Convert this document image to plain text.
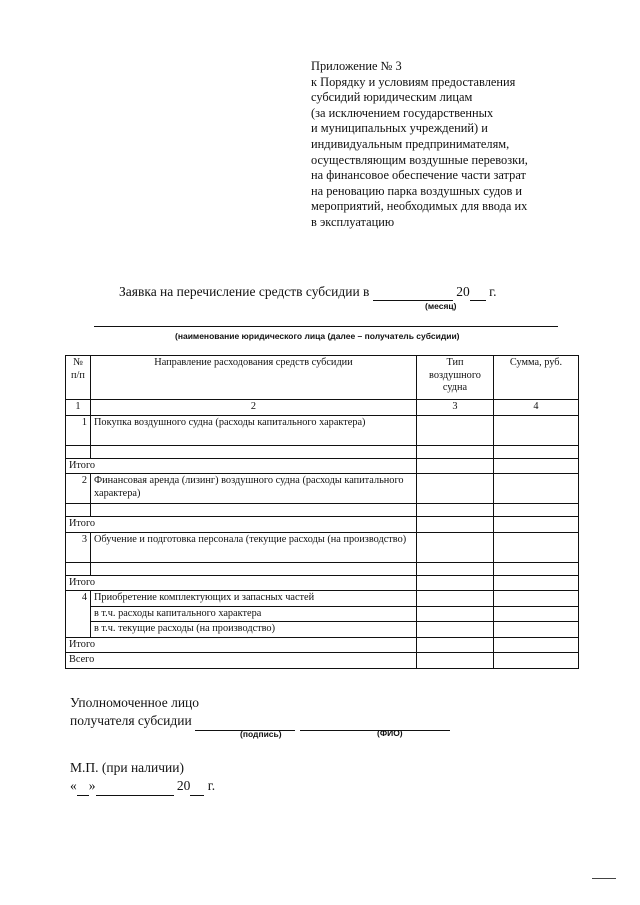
Приложение № 3
к Порядку и условиям предоставления
субсидий юридическим лицам
(за исключением государственных
и муниципальных учреждений) и
индивидуальным предпринимателям,
осуществляющим воздушные перевозки,
на финансовое обеспечение части затрат
на реновацию парка воздушных судов и
мероприятий, необходимых для ввода их
в эксплуатацию
Заявка на перечисление средств субсидии в	20 г.
(месяц)
(наименование юридического лица (далее – получатель субсидии)
№ п/п	Направление расходования средств субсидии	Тип воздушного судна	Сумма, руб.
1	2	3	4
1	Покупка воздушного судна (расходы капитального характера)		

Итого			
2	Финансовая аренда (лизинг) воздушного судна (расходы капитального характера)		

Итого			
3	Обучение и подготовка персонала (текущие расходы (на производство)		

Итого			
4	Приобретение комплектующих и запасных частей		
	в т.ч. расходы капитального характера		
	в т.ч. текущие расходы (на производство)		
Итого			
Всего			
Уполномоченное лицо
получателя субсидии
(подпись)	(ФИО)
М.П. (при наличии)
« »	20 г.
